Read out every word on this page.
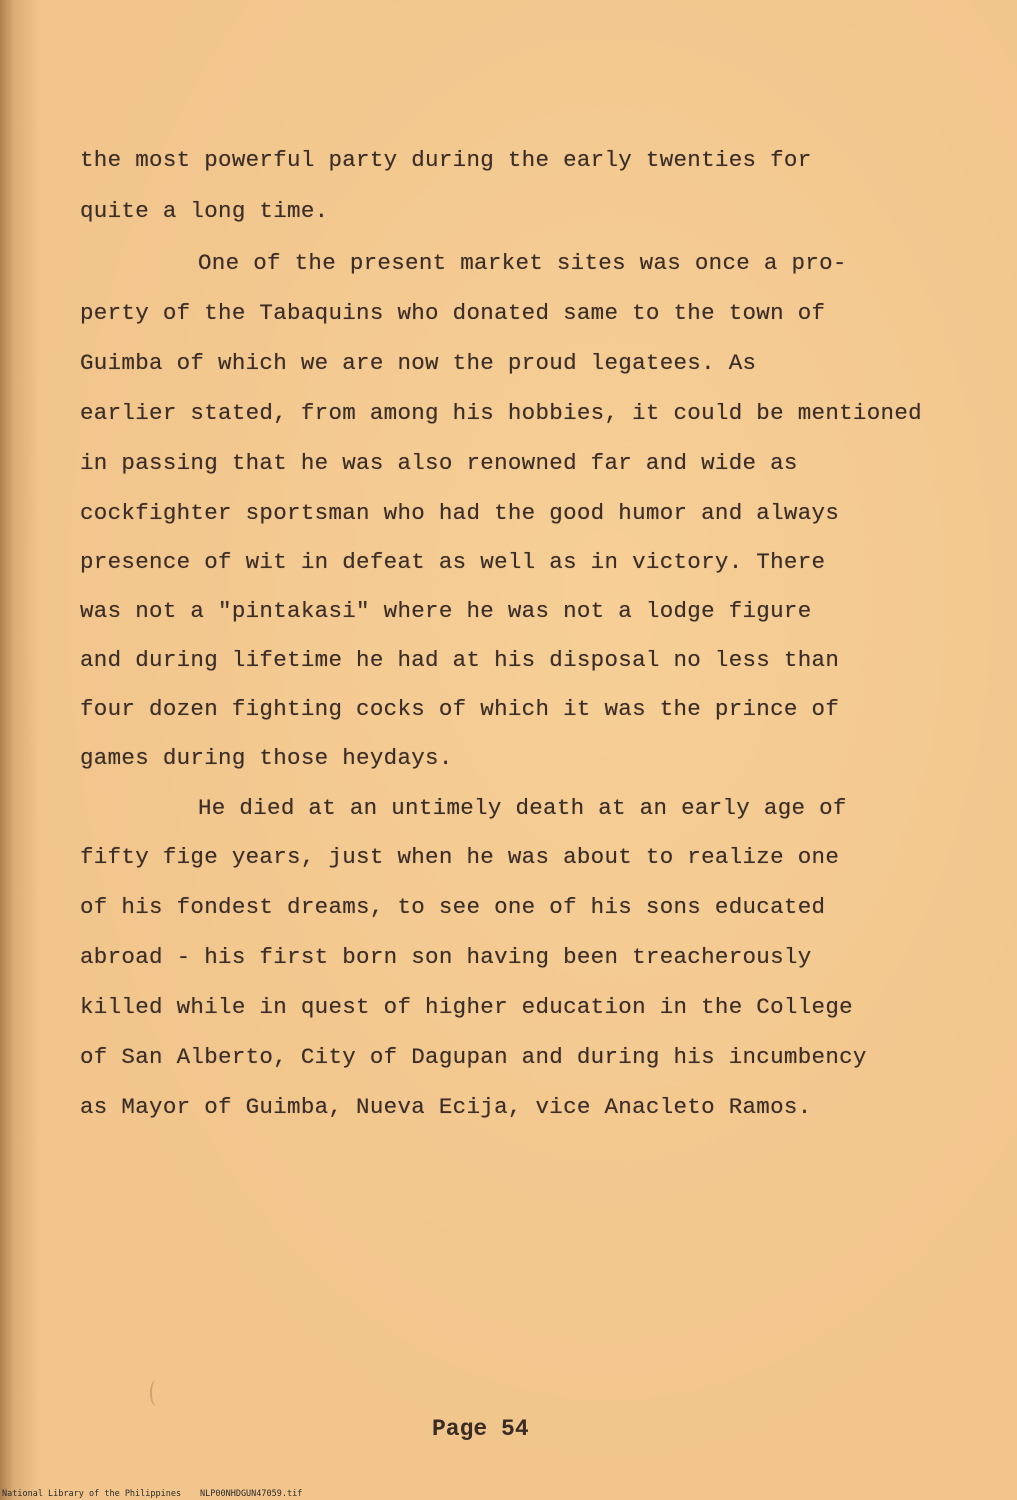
the most powerful party during the early twenties for
quite a long time.
One of the present market sites was once a pro-
perty of the Tabaquins who donated same to the town of
Guimba of which we are now the proud legatees. As
earlier stated, from among his hobbies, it could be mentioned
in passing that he was also renowned far and wide as
cockfighter sportsman who had the good humor and always
presence of wit in defeat as well as in victory. There
was not a "pintakasi" where he was not a lodge figure
and during lifetime he had at his disposal no less than
four dozen fighting cocks of which it was the prince of
games during those heydays.
He died at an untimely death at an early age of
fifty fige years, just when he was about to realize one
of his fondest dreams, to see one of his sons educated
abroad - his first born son having been treacherously
killed while in quest of higher education in the College
of San Alberto, City of Dagupan and during his incumbency
as Mayor of Guimba, Nueva Ecija, vice Anacleto Ramos.
Page 54
National Library of the Philippines NLP00NHDGUN47059.tif
